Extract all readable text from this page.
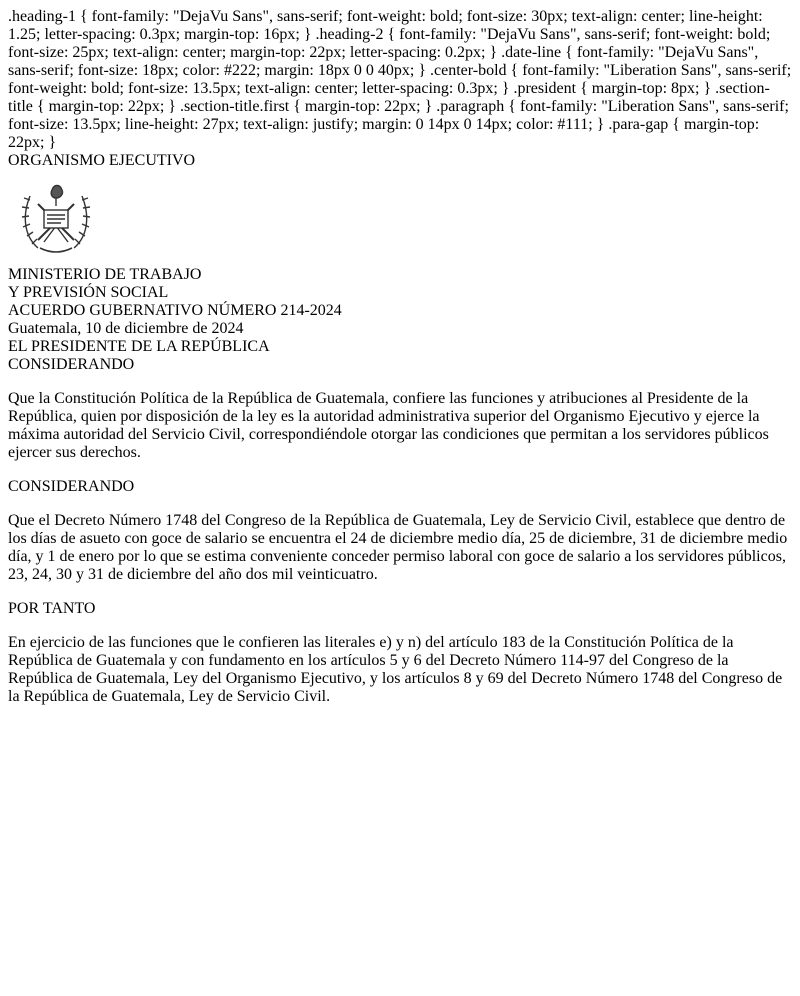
.heading-1 { font-family: "DejaVu Sans", sans-serif; font-weight: bold; font-size: 30px; text-align: center; line-height: 1.25; letter-spacing: 0.3px; margin-top: 16px; } .heading-2 { font-family: "DejaVu Sans", sans-serif; font-weight: bold; font-size: 25px; text-align: center; margin-top: 22px; letter-spacing: 0.2px; } .date-line { font-family: "DejaVu Sans", sans-serif; font-size: 18px; color: #222; margin: 18px 0 0 40px; } .center-bold { font-family: "Liberation Sans", sans-serif; font-weight: bold; font-size: 13.5px; text-align: center; letter-spacing: 0.3px; } .president { margin-top: 8px; } .section-title { margin-top: 22px; } .section-title.first { margin-top: 22px; } .paragraph { font-family: "Liberation Sans", sans-serif; font-size: 13.5px; line-height: 27px; text-align: justify; margin: 0 14px 0 14px; color: #111; } .para-gap { margin-top: 22px; }
ORGANISMO EJECUTIVO
MINISTERIO DE TRABAJO
Y PREVISIÓN SOCIAL
ACUERDO GUBERNATIVO NÚMERO 214-2024
Guatemala, 10 de diciembre de 2024
EL PRESIDENTE DE LA REPÚBLICA
CONSIDERANDO

Que la Constitución Política de la República de Guatemala, confiere las funciones y atribuciones al Presidente de la República, quien por disposición de la ley es la autoridad administrativa superior del Organismo Ejecutivo y ejerce la máxima autoridad del Servicio Civil, correspondiéndole otorgar las condiciones que permitan a los servidores públicos ejercer sus derechos.

CONSIDERANDO

Que el Decreto Número 1748 del Congreso de la República de Guatemala, Ley de Servicio Civil, establece que dentro de los días de asueto con goce de salario se encuentra el 24 de diciembre medio día, 25 de diciembre, 31 de diciembre medio día, y 1 de enero por lo que se estima conveniente conceder permiso laboral con goce de salario a los servidores públicos, 23, 24, 30 y 31 de diciembre del año dos mil veinticuatro.

POR TANTO

En ejercicio de las funciones que le confieren las literales e) y n) del artículo 183 de la Constitución Política de la República de Guatemala y con fundamento en los artículos 5 y 6 del Decreto Número 114-97 del Congreso de la República de Guatemala, Ley del Organismo Ejecutivo, y los artículos 8 y 69 del Decreto Número 1748 del Congreso de la República de Guatemala, Ley de Servicio Civil.
